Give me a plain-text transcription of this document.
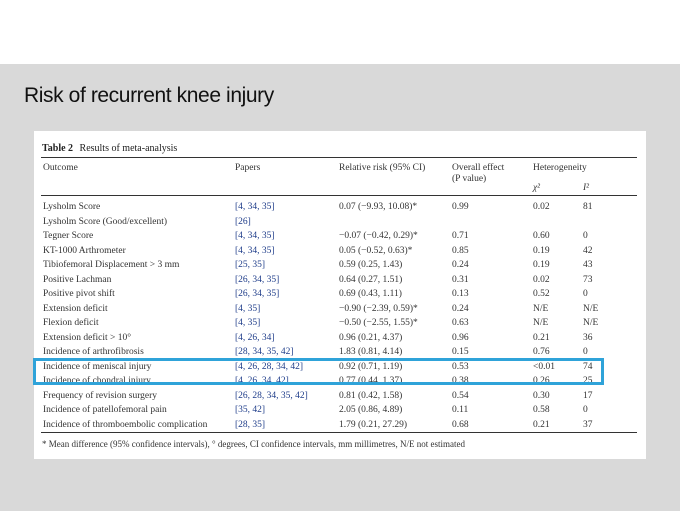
Risk of recurrent knee injury
Table 2 Results of meta-analysis
Outcome	Papers	Relative risk (95% CI)	Overall effect
(P value)
Heterogeneity
χ²	I²
Lysholm Score	[4, 34, 35]	0.07 (−9.93, 10.08)*	0.99	0.02	81
Lysholm Score (Good/excellent)	[26]
Tegner Score	[4, 34, 35]	−0.07 (−0.42, 0.29)*	0.71	0.60	0
KT-1000 Arthrometer	[4, 34, 35]	0.05 (−0.52, 0.63)*	0.85	0.19	42
Tibiofemoral Displacement > 3 mm	[25, 35]	0.59 (0.25, 1.43)	0.24	0.19	43
Positive Lachman	[26, 34, 35]	0.64 (0.27, 1.51)	0.31	0.02	73
Positive pivot shift	[26, 34, 35]	0.69 (0.43, 1.11)	0.13	0.52	0
Extension deficit	[4, 35]	−0.90 (−2.39, 0.59)*	0.24	N/E	N/E
Flexion deficit	[4, 35]	−0.50 (−2.55, 1.55)*	0.63	N/E	N/E
Extension deficit > 10°	[4, 26, 34]	0.96 (0.21, 4.37)	0.96	0.21	36
Incidence of arthrofibrosis	[28, 34, 35, 42]	1.83 (0.81, 4.14)	0.15	0.76	0
Incidence of meniscal injury	[4, 26, 28, 34, 42]	0.92 (0.71, 1.19)	0.53	<0.01	74
Incidence of chondral injury	[4, 26, 34, 42]	0.77 (0.44, 1.37)	0.38	0.26	25
Frequency of revision surgery	[26, 28, 34, 35, 42]	0.81 (0.42, 1.58)	0.54	0.30	17
Incidence of patellofemoral pain	[35, 42]	2.05 (0.86, 4.89)	0.11	0.58	0
Incidence of thromboembolic complication	[28, 35]	1.79 (0.21, 27.29)	0.68	0.21	37
* Mean difference (95% confidence intervals), ° degrees, CI confidence intervals, mm millimetres, N/E not estimated
